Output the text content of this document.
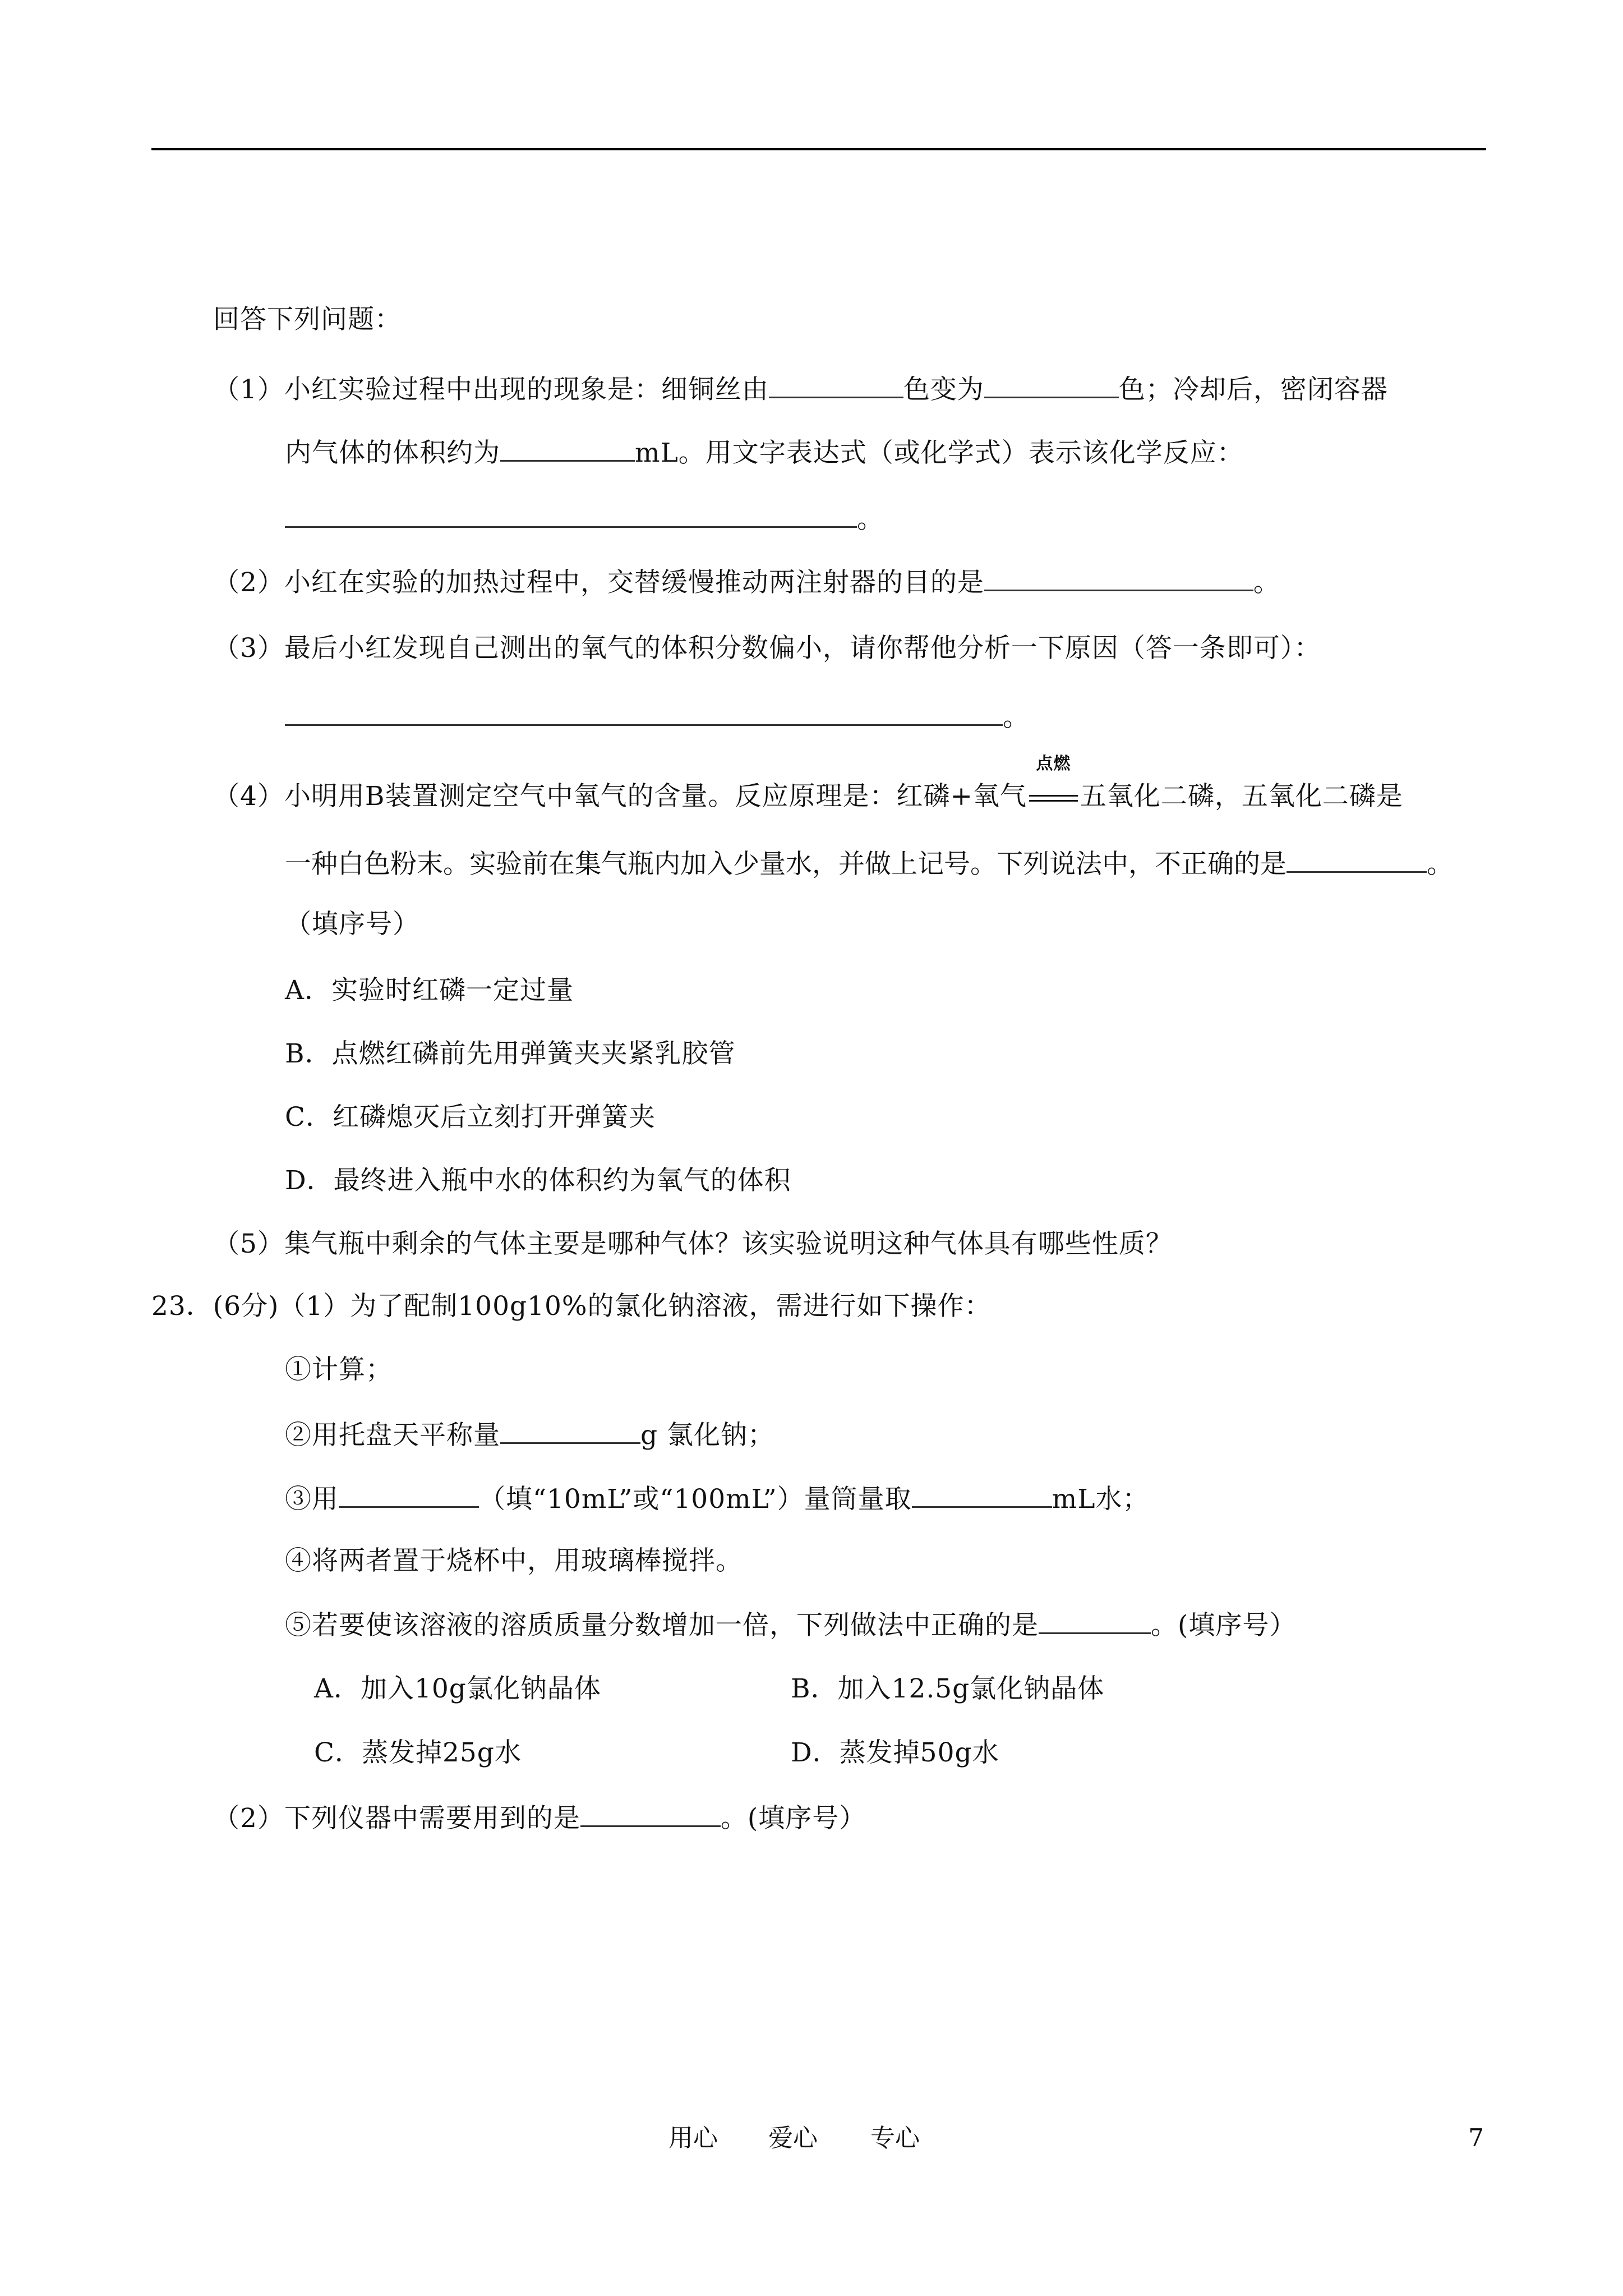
回答下列问题：
（1）小红实验过程中出现的现象是：细铜丝由	色变为	色；冷却后，密闭容器
内气体的体积约为	mL。用文字表达式（或化学式）表示该化学反应：
。
（2）小红在实验的加热过程中，交替缓慢推动两注射器的目的是	。
（3）最后小红发现自己测出的氧气的体积分数偏小，请你帮他分析一下原因（答一条即可）：
。
（4）小明用B装置测定空气中氧气的含量。反应原理是：红磷+氧气
点燃
五氧化二磷，五氧化二磷是
一种白色粉末。实验前在集气瓶内加入少量水，并做上记号。下列说法中，不正确的是	。
（填序号）
A．实验时红磷一定过量
B．点燃红磷前先用弹簧夹夹紧乳胶管
C．红磷熄灭后立刻打开弹簧夹
D．最终进入瓶中水的体积约为氧气的体积
（5）集气瓶中剩余的气体主要是哪种气体？该实验说明这种气体具有哪些性质？
23．(6分)（1）为了配制100g10%的氯化钠溶液，需进行如下操作：
①计算；
②用托盘天平称量	g 氯化钠；
③用	（填“10mL”或“100mL”）量筒量取	mL水；
④将两者置于烧杯中，用玻璃棒搅拌。
⑤若要使该溶液的溶质质量分数增加一倍，下列做法中正确的是	。(填序号）
A．加入10g氯化钠晶体	B．加入12.5g氯化钠晶体
C．蒸发掉25g水	D．蒸发掉50g水
（2）下列仪器中需要用到的是	。(填序号）
用心 爱心 专心	7
